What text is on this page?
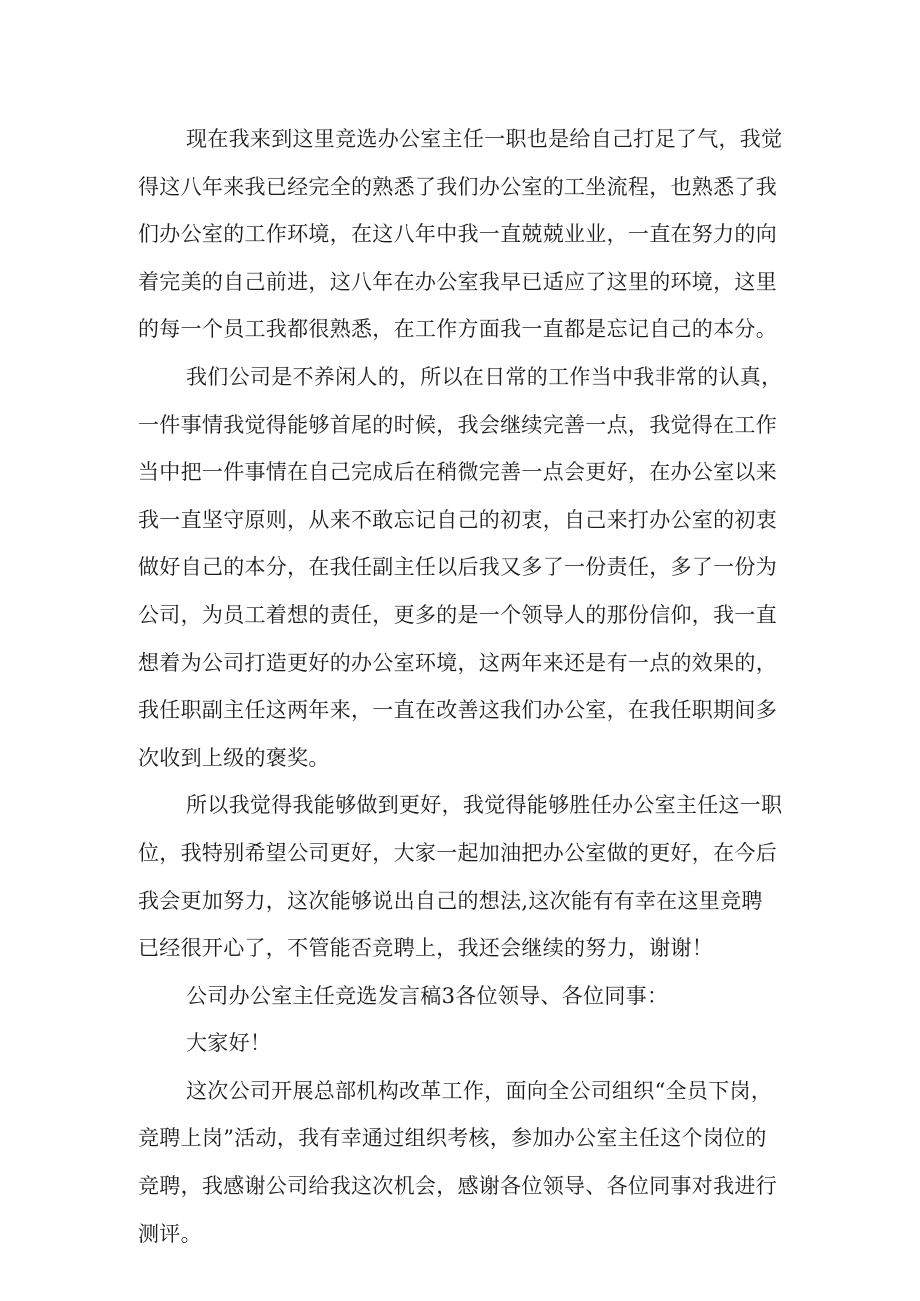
现在我来到这里竞选办公室主任一职也是给自己打足了气，我觉
得这八年来我已经完全的熟悉了我们办公室的工坐流程，也熟悉了我
们办公室的工作环境，在这八年中我一直兢兢业业，一直在努力的向
着完美的自己前进，这八年在办公室我早已适应了这里的环境，这里
的每一个员工我都很熟悉，在工作方面我一直都是忘记自己的本分。
我们公司是不养闲人的，所以在日常的工作当中我非常的认真，
一件事情我觉得能够首尾的时候，我会继续完善一点，我觉得在工作
当中把一件事情在自己完成后在稍微完善一点会更好，在办公室以来
我一直坚守原则，从来不敢忘记自己的初衷，自己来打办公室的初衷
做好自己的本分，在我任副主任以后我又多了一份责任，多了一份为
公司，为员工着想的责任，更多的是一个领导人的那份信仰，我一直
想着为公司打造更好的办公室环境，这两年来还是有一点的效果的，
我任职副主任这两年来，一直在改善这我们办公室，在我任职期间多
次收到上级的褒奖。
所以我觉得我能够做到更好，我觉得能够胜任办公室主任这一职
位，我特别希望公司更好，大家一起加油把办公室做的更好，在今后
我会更加努力，这次能够说出自己的想法,这次能有有幸在这里竞聘
已经很开心了，不管能否竞聘上，我还会继续的努力，谢谢！
公司办公室主任竞选发言稿3各位领导、各位同事：
大家好！
这次公司开展总部机构改革工作，面向全公司组织“全员下岗，
竞聘上岗”活动，我有幸通过组织考核，参加办公室主任这个岗位的
竞聘，我感谢公司给我这次机会，感谢各位领导、各位同事对我进行
测评。
